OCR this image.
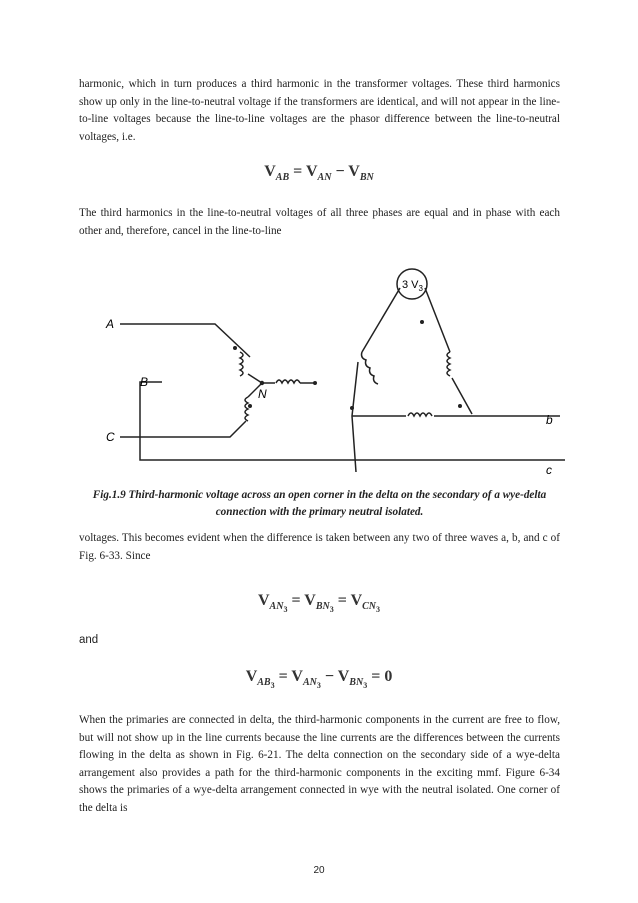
harmonic, which in turn produces a third harmonic in the transformer voltages. These third harmonics show up only in the line-to-neutral voltage if the transformers are identical, and will not appear in the line-to-line voltages because the line-to-line voltages are the phasor difference between the line-to-neutral voltages, i.e.

$V_{AB} = V_{AN} - V_{BN}$

The third harmonics in the line-to-neutral voltages of all three phases are equal and in phase with each other and, therefore, cancel in the line-to-line

A
B
C
N
b
c
3 $V_3$
Fig.1.9 Third-harmonic voltage across an open corner in the delta on the secondary of a wye-delta connection with the primary neutral isolated.

voltages. This becomes evident when the difference is taken between any two of three waves a, b, and c of Fig. 6-33. Since

$V_{AN_3} = V_{BN_3} = V_{CN_3}$
and
$V_{AB_3} = V_{AN_3} - V_{BN_3} = 0$

When the primaries are connected in delta, the third-harmonic components in the current are free to flow, but will not show up in the line currents because the line currents are the differences between the currents flowing in the delta as shown in Fig. 6-21. The delta connection on the secondary side of a wye-delta arrangement also provides a path for the third-harmonic components in the exciting mmf. Figure 6-34 shows the primaries of a wye-delta arrangement connected in wye with the neutral isolated. One corner of the delta is

20
